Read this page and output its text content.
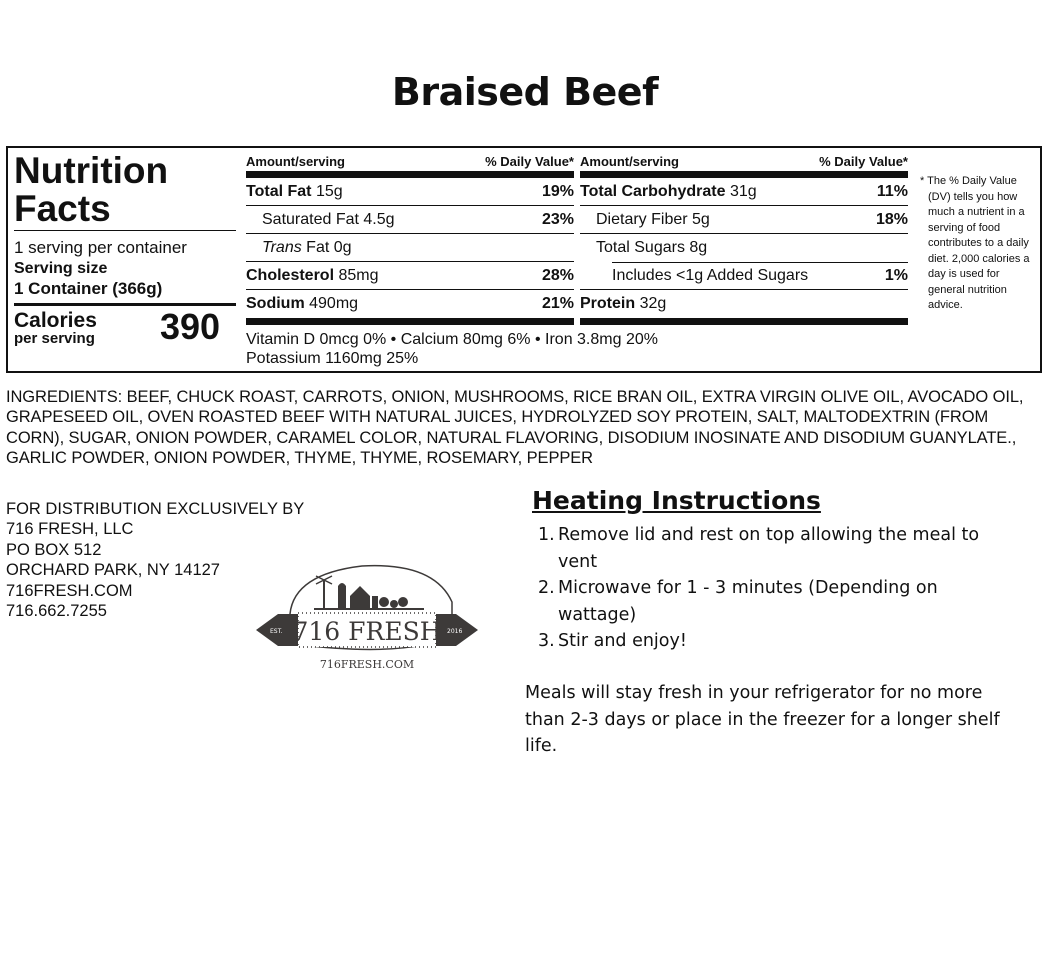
Braised Beef
Nutrition
Facts
1 serving per container
Serving size
1 Container (366g)
Calories
per serving 390
Amount/serving	% Daily Value*
Total Fat 15g	19%
Saturated Fat 4.5g	23%
Trans Fat 0g
Cholesterol 85mg	28%
Sodium 490mg	21%
Amount/serving	% Daily Value*
Total Carbohydrate 31g	11%
Dietary Fiber 5g	18%
Total Sugars 8g
Includes <1g Added Sugars	1%
Protein 32g
Vitamin D 0mcg 0% • Calcium 80mg 6% • Iron 3.8mg 20%
Potassium 1160mg 25%
* The % Daily Value
(DV) tells you how much a nutrient in a serving of food contributes to a daily diet. 2,000 calories a day is used for general nutrition advice.
INGREDIENTS: BEEF, CHUCK ROAST, CARROTS, ONION, MUSHROOMS, RICE BRAN OIL, EXTRA VIRGIN OLIVE OIL, AVOCADO OIL, GRAPESEED OIL, OVEN ROASTED BEEF WITH NATURAL JUICES, HYDROLYZED SOY PROTEIN, SALT, MALTODEXTRIN (FROM CORN), SUGAR, ONION POWDER, CARAMEL COLOR, NATURAL FLAVORING, DISODIUM INOSINATE AND DISODIUM GUANYLATE., GARLIC POWDER, ONION POWDER, THYME, THYME, ROSEMARY, PEPPER
FOR DISTRIBUTION EXCLUSIVELY BY
716 FRESH, LLC
PO BOX 512
ORCHARD PARK, NY 14127
716FRESH.COM
716.662.7255
EST.	2016
716 FRESH
716FRESH.COM
Heating Instructions
1. Remove lid and rest on top allowing the meal to vent
2. Microwave for 1 - 3 minutes (Depending on wattage)
3. Stir and enjoy!
Meals will stay fresh in your refrigerator for no more than 2-3 days or place in the freezer for a longer shelf life.
